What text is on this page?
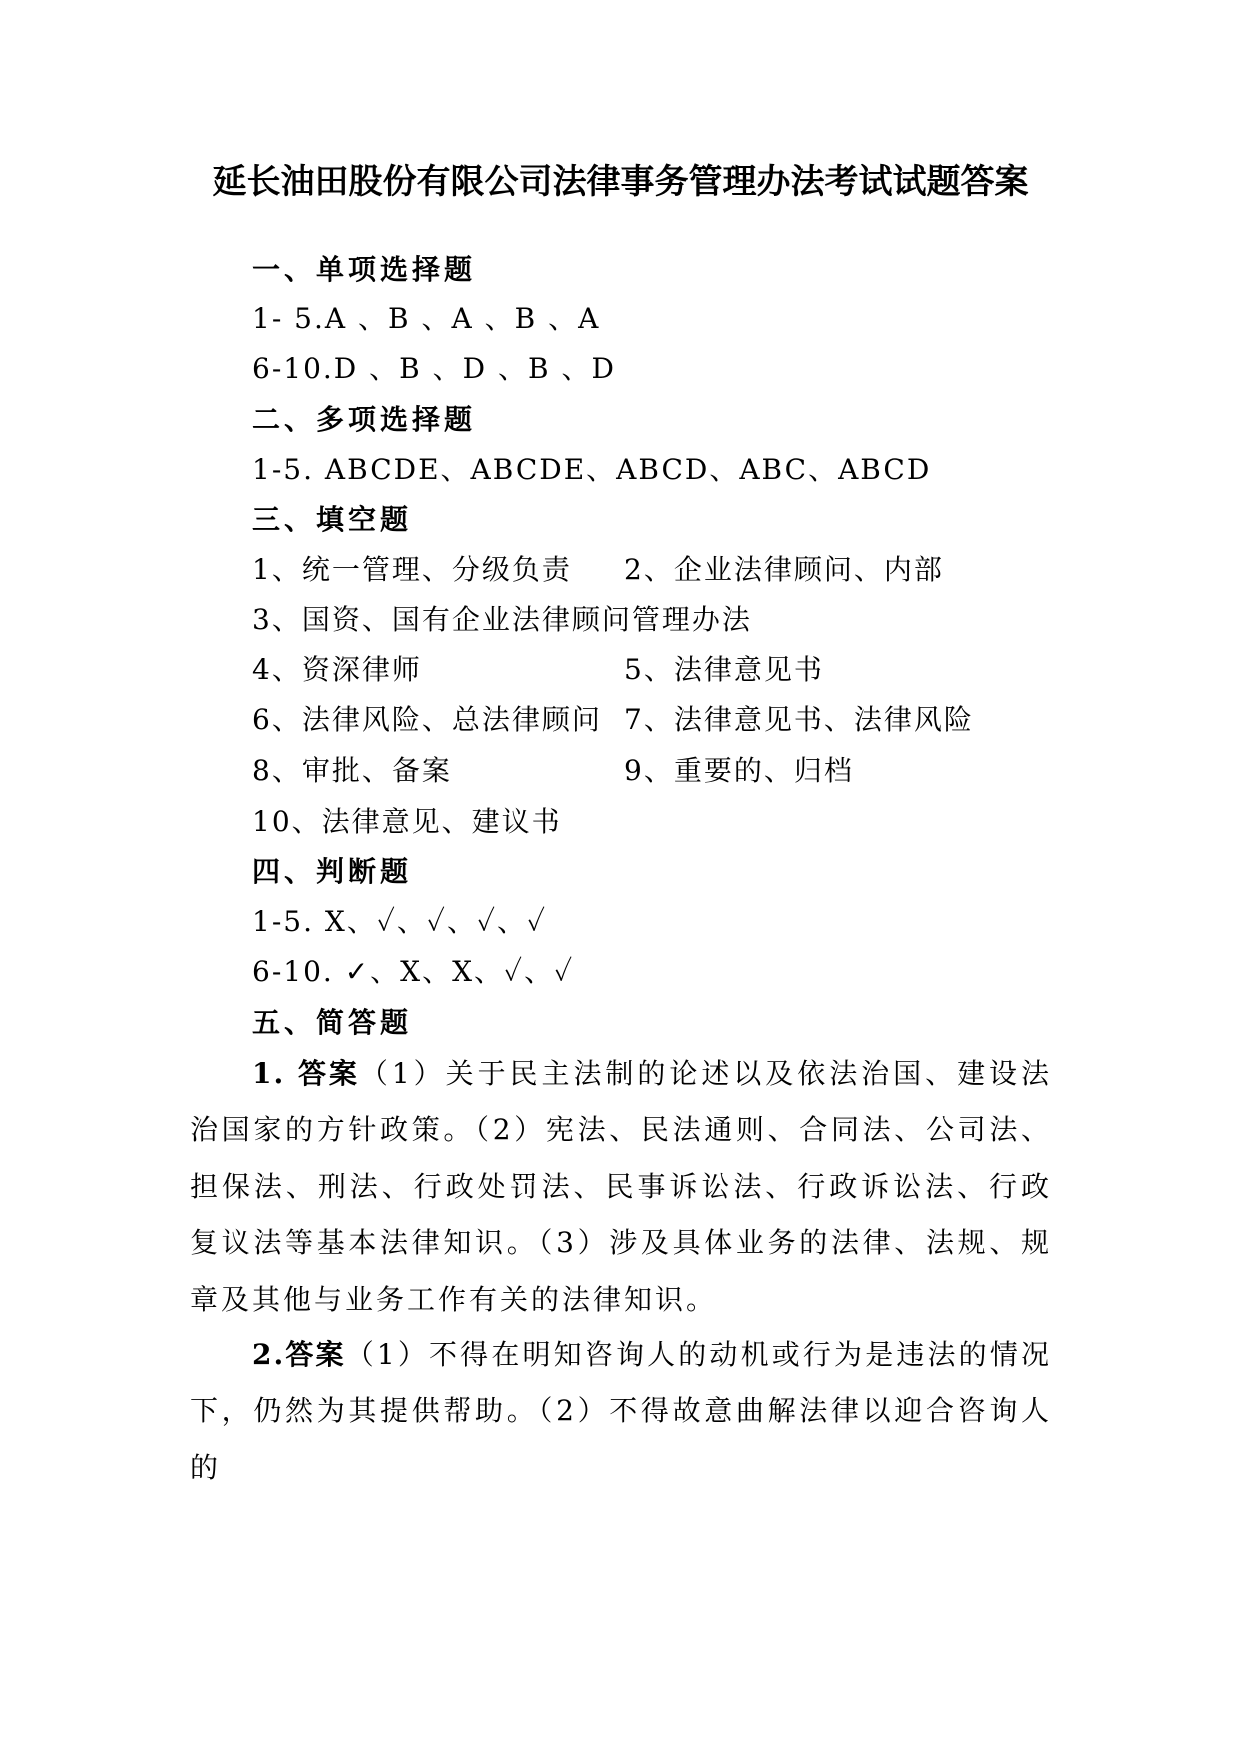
延长油田股份有限公司法律事务管理办法考试试题答案
一、单项选择题
1- 5.A 、B 、A 、B 、A
6-10.D 、B 、D 、B 、D
二、多项选择题
1-5. ABCDE、ABCDE、ABCD、ABC、ABCD
三、填空题
1、统一管理、分级负责 2、企业法律顾问、内部
3、国资、国有企业法律顾问管理办法
4、资深律师	5、法律意见书
6、法律风险、总法律顾问 7、法律意见书、法律风险
8、审批、备案	9、重要的、归档
10、法律意见、建议书
四、判断题
1-5. X、✓、✓、✓、✓
6-10. ✓、X、X、✓、✓
五、简答题
1. 答案（1）关于民主法制的论述以及依法治国、建设法治国家的方针政策。（2）宪法、民法通则、合同法、公司法、担保法、刑法、行政处罚法、民事诉讼法、行政诉讼法、行政复议法等基本法律知识。（3）涉及具体业务的法律、法规、规章及其他与业务工作有关的法律知识。
2.答案（1）不得在明知咨询人的动机或行为是违法的情况下，仍然为其提供帮助。（2）不得故意曲解法律以迎合咨询人的
